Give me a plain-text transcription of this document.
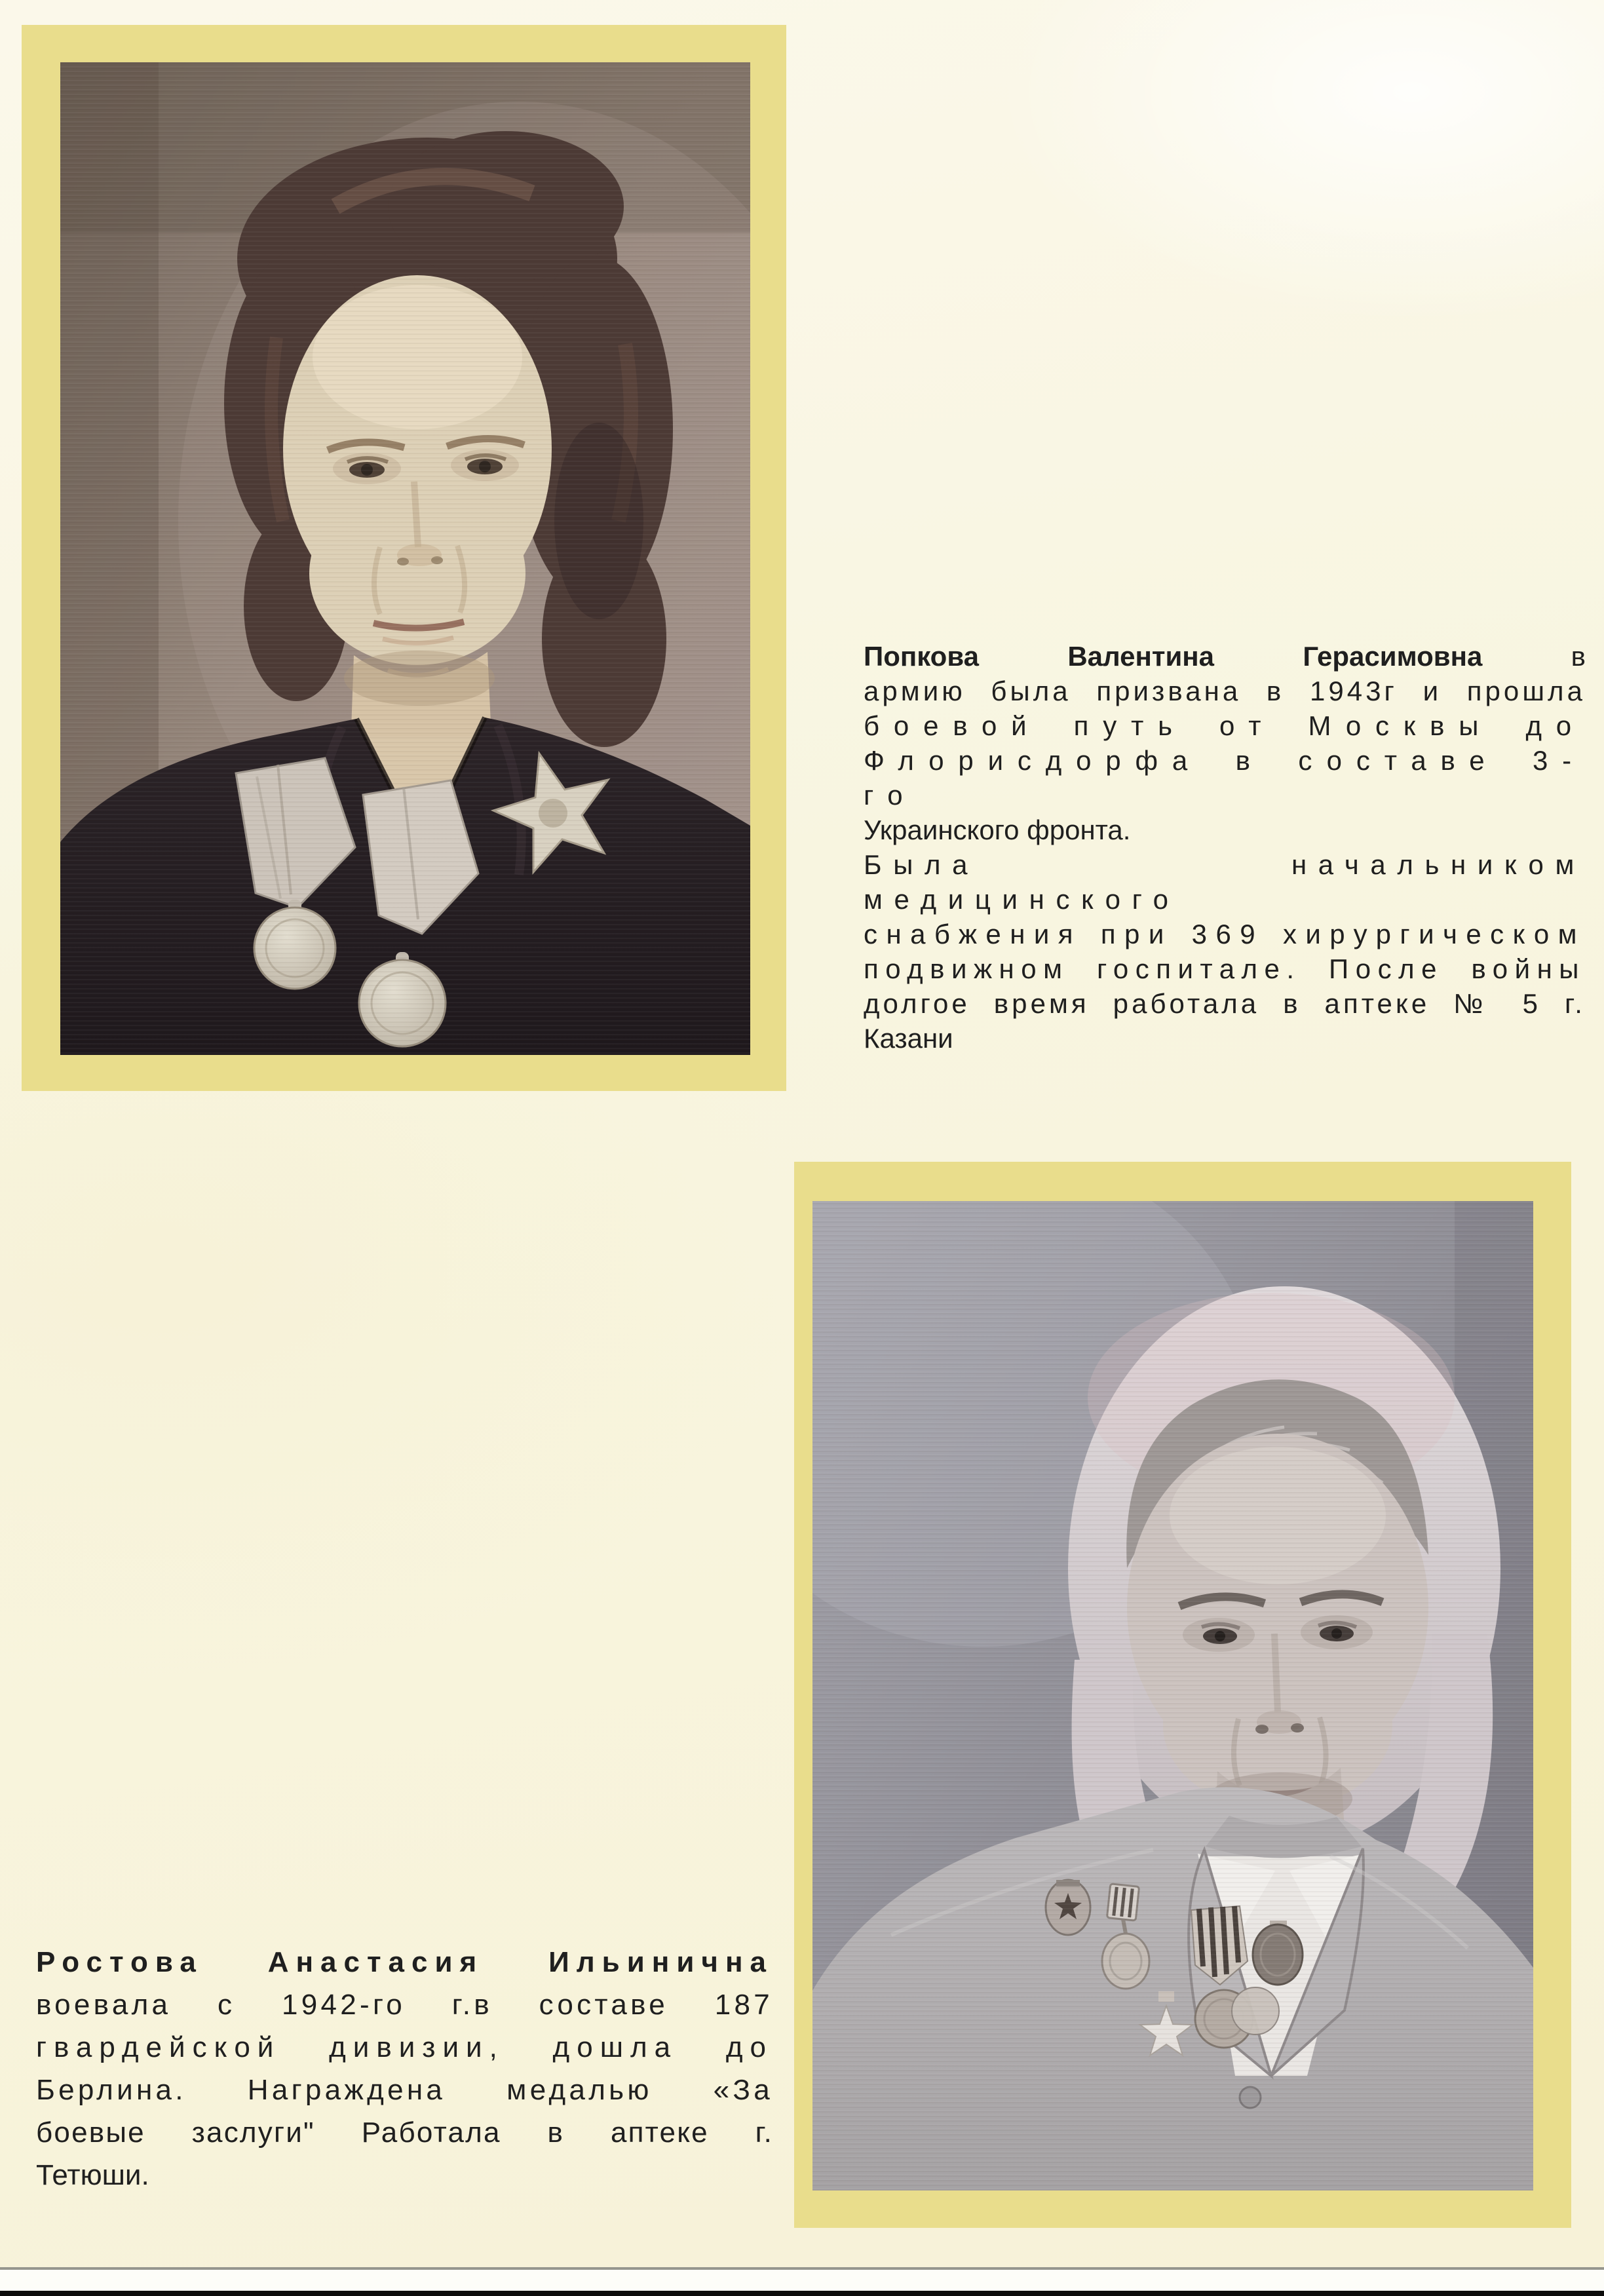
Попкова Валентина Герасимовна в
армию была призвана в 1943г и прошла
боевой путь от Москвы до
Флорисдорфа в составе 3-го
Украинского фронта.
Была начальником медицинского
снабжения при 369 хирургическом
подвижном госпитале. После войны
долгое время работала в аптеке № 5 г.
Казани
Ростова Анастасия Ильинична
воевала с 1942-го г.в составе 187
гвардейской дивизии, дошла до
Берлина. Награждена медалью «За
боевые заслуги" Работала в аптеке г.
Тетюши.
